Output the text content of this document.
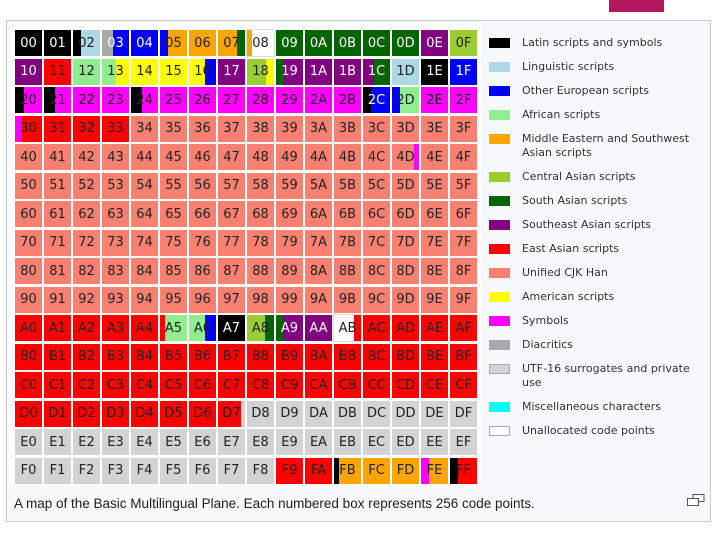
00 01 02 03 04 05 06 07 08 09 0A 0B 0C 0D 0E 0F
10 11 12 13 14 15 16 17 18 19 1A 1B 1C 1D 1E 1F
20 21 22 23 24 25 26 27 28 29 2A 2B 2C 2D 2E 2F
30 31 32 33 34 35 36 37 38 39 3A 3B 3C 3D 3E 3F
40 41 42 43 44 45 46 47 48 49 4A 4B 4C 4D 4E 4F
50 51 52 53 54 55 56 57 58 59 5A 5B 5C 5D 5E 5F
60 61 62 63 64 65 66 67 68 69 6A 6B 6C 6D 6E 6F
70 71 72 73 74 75 76 77 78 79 7A 7B 7C 7D 7E 7F
80 81 82 83 84 85 86 87 88 89 8A 8B 8C 8D 8E 8F
90 91 92 93 94 95 96 97 98 99 9A 9B 9C 9D 9E 9F
A0 A1 A2 A3 A4 A5 A6 A7 A8 A9 AA AB AC AD AE AF
B0 B1 B2 B3 B4 B5 B6 B7 B8 B9 BA BB BC BD BE BF
C0 C1 C2 C3 C4 C5 C6 C7 C8 C9 CA CB CC CD CE CF
D0 D1 D2 D3 D4 D5 D6 D7 D8 D9 DA DB DC DD DE DF
E0 E1 E2 E3 E4 E5 E6 E7 E8 E9 EA EB EC ED EE EF
F0 F1 F2 F3 F4 F5 F6 F7 F8 F9 FA FB FC FD FE FF
Latin scripts and symbols
Linguistic scripts
Other European scripts
African scripts
Middle Eastern and Southwest Asian scripts
Central Asian scripts
South Asian scripts
Southeast Asian scripts
East Asian scripts
Unified CJK Han
American scripts
Symbols
Diacritics
UTF-16 surrogates and private use
Miscellaneous characters
Unallocated code points
A map of the Basic Multilingual Plane. Each numbered box represents 256 code points.
